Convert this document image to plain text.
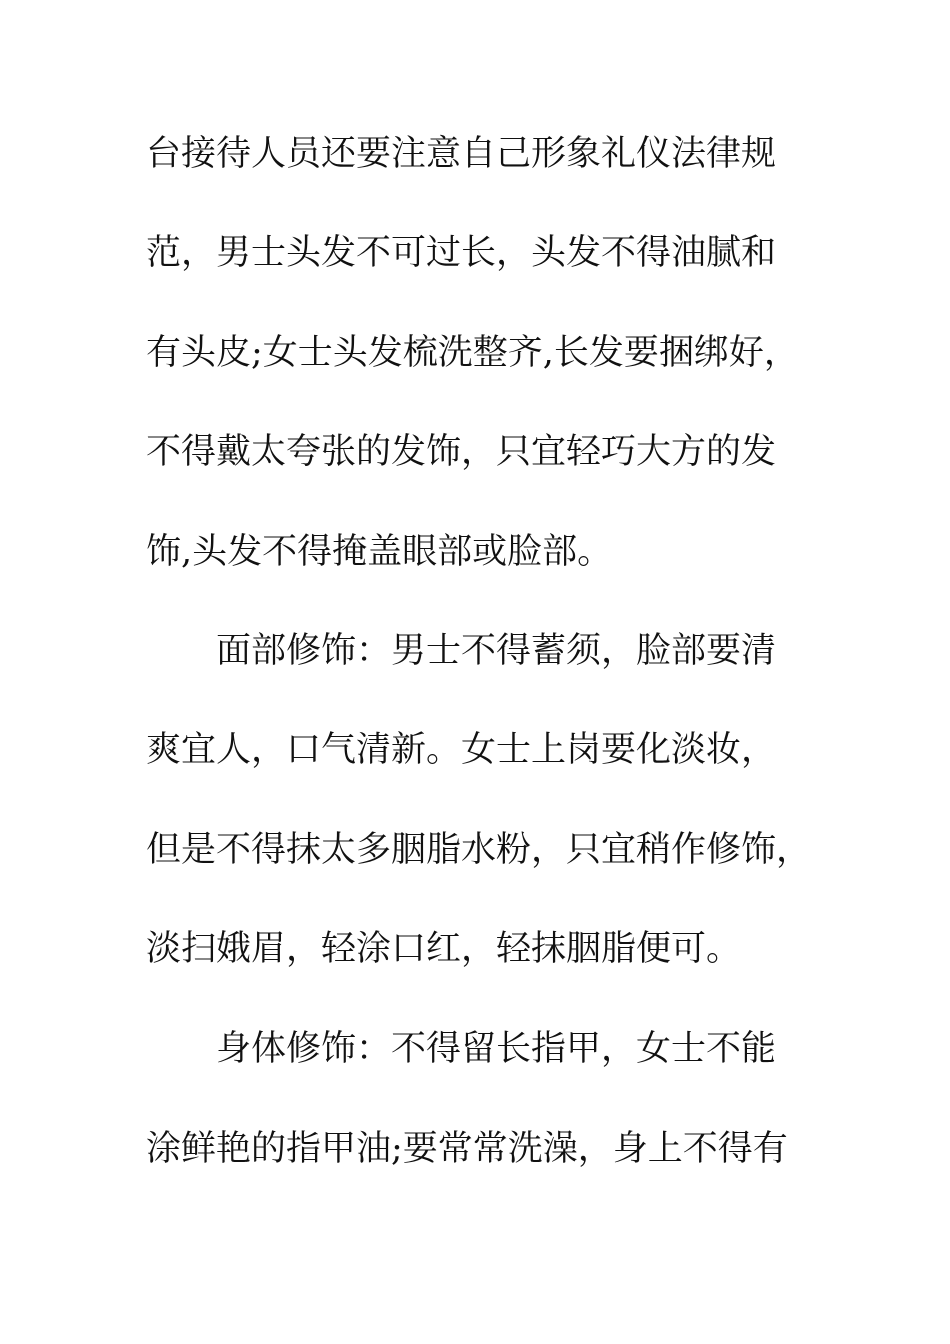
台接待人员还要注意自己形象礼仪法律规
范，男士头发不可过长，头发不得油腻和
有头皮;女士头发梳洗整齐,长发要捆绑好，
不得戴太夸张的发饰，只宜轻巧大方的发
饰,头发不得掩盖眼部或脸部。
面部修饰：男士不得蓄须，脸部要清
爽宜人，口气清新。女士上岗要化淡妆，
但是不得抹太多胭脂水粉，只宜稍作修饰，
淡扫娥眉，轻涂口红，轻抹胭脂便可。
身体修饰：不得留长指甲，女士不能
涂鲜艳的指甲油;要常常洗澡，身上不得有
